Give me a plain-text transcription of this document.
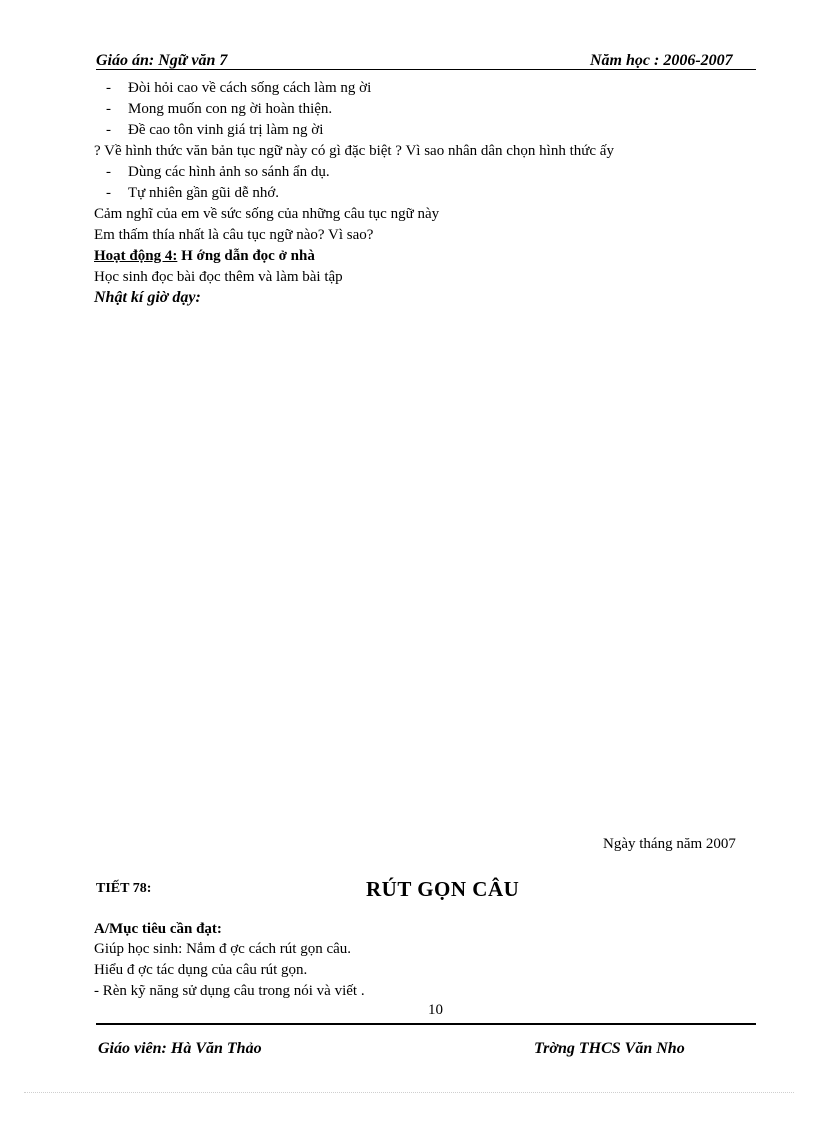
Giáo án: Ngữ văn 7	Năm học : 2006-2007
- Đòi hỏi cao về cách sống cách làm ng ời
- Mong muốn con ng ời hoàn thiện.
- Đề cao tôn vinh giá trị làm ng ời
? Về hình thức văn bản tục ngữ này có gì đặc biệt ? Vì sao nhân dân chọn hình thức ấy
- Dùng các hình ảnh so sánh ẩn dụ.
- Tự nhiên gần gũi dễ nhớ.
Cảm nghĩ của em về sức sống của những câu tục ngữ này
Em thấm thía nhất là câu tục ngữ nào? Vì sao?
Hoạt động 4: H ớng dẫn đọc ở nhà
Học sinh đọc bài đọc thêm và làm bài tập
Nhật kí giờ dạy:
Ngày tháng năm 2007
TIẾT 78:	RÚT GỌN CÂU
A/Mục tiêu cần đạt:
Giúp học sinh: Nắm đ ợc cách rút gọn câu.
Hiểu đ ợc tác dụng của câu rút gọn.
- Rèn kỹ năng sử dụng câu trong nói và viết .
10
Giáo viên: Hà Văn Thảo	Trờng THCS Văn Nho
